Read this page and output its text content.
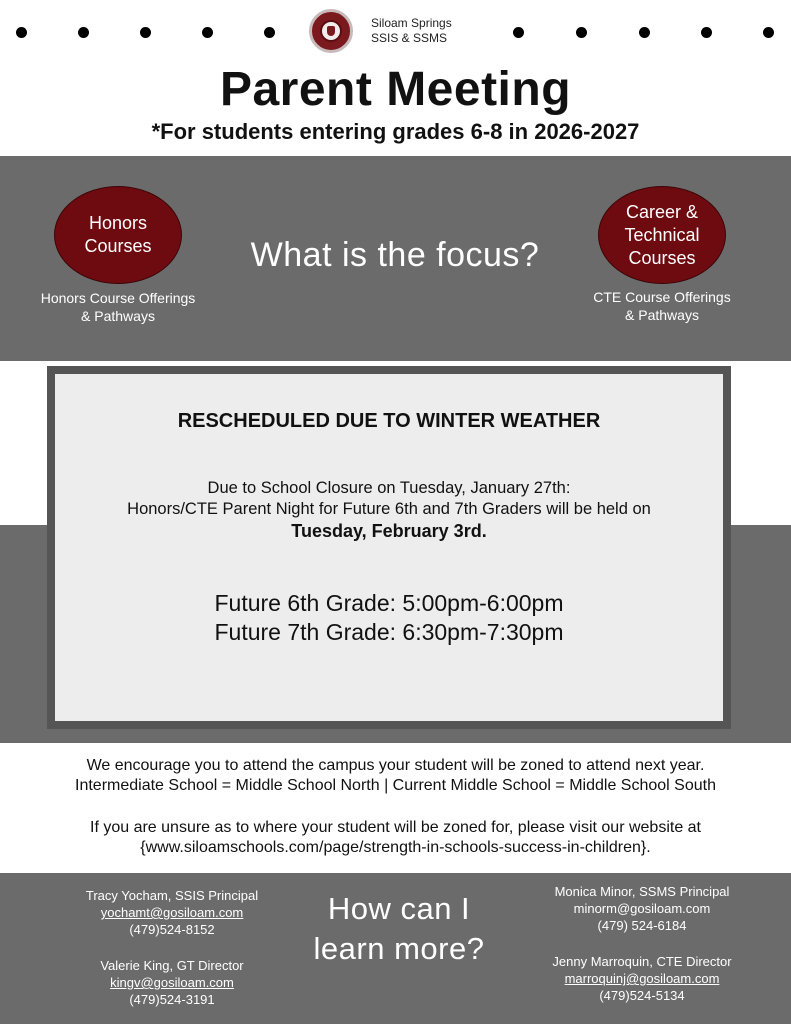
Siloam Springs
SSIS & SSMS
Parent Meeting
*For students entering grades 6-8 in 2026-2027
Honors Courses	What is the focus?
Career & Technical Courses
Honors Course Offerings & Pathways
CTE Course Offerings & Pathways
RESCHEDULED DUE TO WINTER WEATHER
Due to School Closure on Tuesday, January 27th:
Honors/CTE Parent Night for Future 6th and 7th Graders will be held on
Tuesday, February 3rd.
Future 6th Grade: 5:00pm-6:00pm
Future 7th Grade: 6:30pm-7:30pm
We encourage you to attend the campus your student will be zoned to attend next year.
Intermediate School = Middle School North | Current Middle School = Middle School South
If you are unsure as to where your student will be zoned for, please visit our website at
{www.siloamschools.com/page/strength-in-schools-success-in-children}.
Tracy Yocham, SSIS Principal
yochamt@gosiloam.com
(479)524-8152
Valerie King, GT Director
kingv@gosiloam.com
(479)524-3191
How can I
learn more?
Monica Minor, SSMS Principal
minorm@gosiloam.com
(479) 524-6184
Jenny Marroquin, CTE Director
marroquinj@gosiloam.com
(479)524-5134
